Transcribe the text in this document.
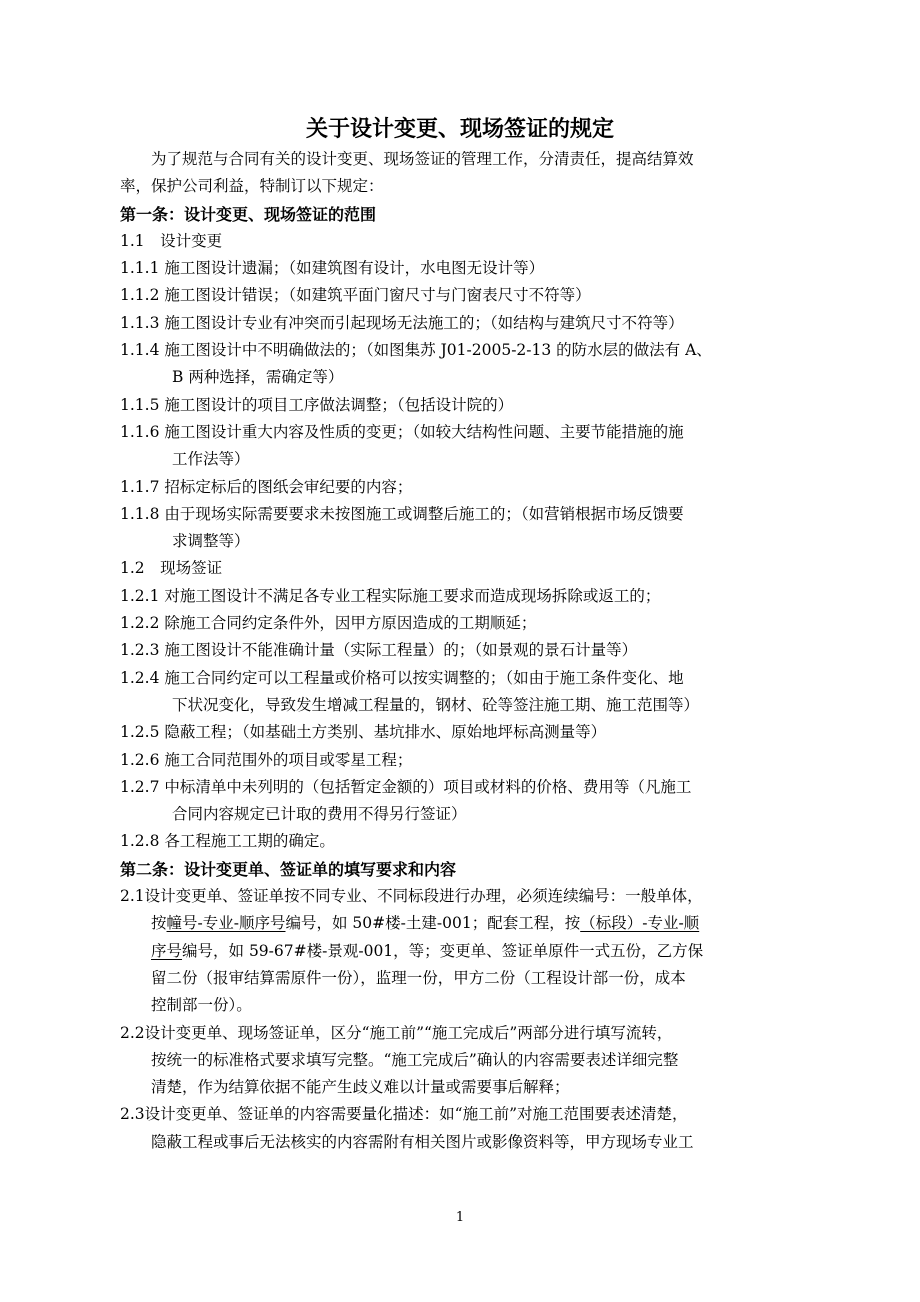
关于设计变更、现场签证的规定
为了规范与合同有关的设计变更、现场签证的管理工作，分清责任，提高结算效
率，保护公司利益，特制订以下规定：
第一条：设计变更、现场签证的范围
1.1　设计变更
1.1.1 施工图设计遗漏；（如建筑图有设计，水电图无设计等）
1.1.2 施工图设计错误；（如建筑平面门窗尺寸与门窗表尺寸不符等）
1.1.3 施工图设计专业有冲突而引起现场无法施工的；（如结构与建筑尺寸不符等）
1.1.4 施工图设计中不明确做法的；（如图集苏 J01-2005-2-13 的防水层的做法有 A、
B 两种选择，需确定等）
1.1.5 施工图设计的项目工序做法调整；（包括设计院的）
1.1.6 施工图设计重大内容及性质的变更；（如较大结构性问题、主要节能措施的施
工作法等）
1.1.7 招标定标后的图纸会审纪要的内容；
1.1.8 由于现场实际需要要求未按图施工或调整后施工的；（如营销根据市场反馈要
求调整等）
1.2　现场签证
1.2.1 对施工图设计不满足各专业工程实际施工要求而造成现场拆除或返工的；
1.2.2 除施工合同约定条件外，因甲方原因造成的工期顺延；
1.2.3 施工图设计不能准确计量（实际工程量）的；（如景观的景石计量等）
1.2.4 施工合同约定可以工程量或价格可以按实调整的；（如由于施工条件变化、地
下状况变化，导致发生增减工程量的，钢材、砼等签注施工期、施工范围等）
1.2.5 隐蔽工程；（如基础土方类别、基坑排水、原始地坪标高测量等）
1.2.6 施工合同范围外的项目或零星工程；
1.2.7 中标清单中未列明的（包括暂定金额的）项目或材料的价格、费用等（凡施工
合同内容规定已计取的费用不得另行签证）
1.2.8 各工程施工工期的确定。
第二条：设计变更单、签证单的填写要求和内容
2.1设计变更单、签证单按不同专业、不同标段进行办理，必须连续编号：一般单体，
按幢号-专业-顺序号编号，如 50#楼-土建-001；配套工程，按（标段）-专业-顺
序号编号，如 59-67#楼-景观-001，等；变更单、签证单原件一式五份，乙方保
留二份（报审结算需原件一份），监理一份，甲方二份（工程设计部一份，成本
控制部一份）。
2.2设计变更单、现场签证单，区分“施工前”“施工完成后”两部分进行填写流转，
按统一的标准格式要求填写完整。“施工完成后”确认的内容需要表述详细完整
清楚，作为结算依据不能产生歧义难以计量或需要事后解释；
2.3设计变更单、签证单的内容需要量化描述：如“施工前”对施工范围要表述清楚，
隐蔽工程或事后无法核实的内容需附有相关图片或影像资料等，甲方现场专业工
1
